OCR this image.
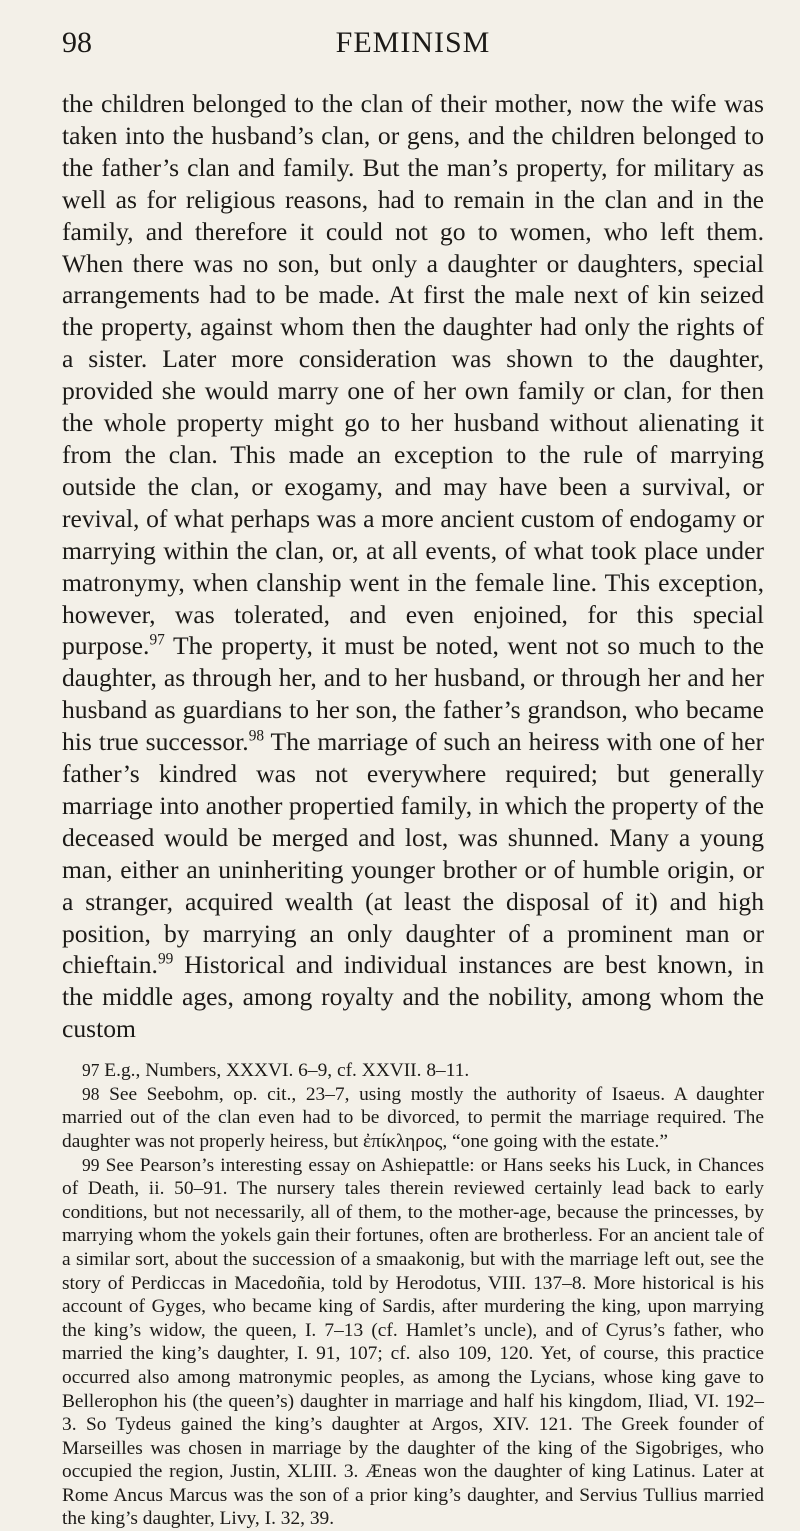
98	FEMINISM

the children belonged to the clan of their mother, now the wife was taken into the husband’s clan, or gens, and the children belonged to the father’s clan and family. But the man’s property, for military as well as for religious reasons, had to remain in the clan and in the family, and therefore it could not go to women, who left them. When there was no son, but only a daughter or daughters, special arrangements had to be made. At first the male next of kin seized the property, against whom then the daughter had only the rights of a sister. Later more consideration was shown to the daughter, provided she would marry one of her own family or clan, for then the whole property might go to her husband without alienating it from the clan. This made an exception to the rule of marrying outside the clan, or exogamy, and may have been a survival, or revival, of what perhaps was a more ancient custom of endogamy or marrying within the clan, or, at all events, of what took place under matronymy, when clanship went in the female line. This exception, however, was tolerated, and even enjoined, for this special purpose.$^{97}$ The property, it must be noted, went not so much to the daughter, as through her, and to her husband, or through her and her husband as guardians to her son, the father’s grandson, who became his true successor.$^{98}$ The marriage of such an heiress with one of her father’s kindred was not everywhere required; but generally marriage into another propertied family, in which the property of the deceased would be merged and lost, was shunned. Many a young man, either an uninheriting younger brother or of humble origin, or a stranger, acquired wealth (at least the disposal of it) and high position, by marrying an only daughter of a prominent man or chieftain.$^{99}$ Historical and individual instances are best known, in the middle ages, among royalty and the nobility, among whom the custom

97 E.g., Numbers, XXXVI. 6–9, cf. XXVII. 8–11.

98 See Seebohm, op. cit., 23–7, using mostly the authority of Isaeus. A daughter married out of the clan even had to be divorced, to permit the marriage required. The daughter was not properly heiress, but ἐπίκληρος, “one going with the estate.”

99 See Pearson’s interesting essay on Ashiepattle: or Hans seeks his Luck, in Chances of Death, ii. 50–91. The nursery tales therein reviewed certainly lead back to early conditions, but not necessarily, all of them, to the mother-age, because the princesses, by marrying whom the yokels gain their fortunes, often are brotherless. For an ancient tale of a similar sort, about the succession of a smaakonig, but with the marriage left out, see the story of Perdiccas in Macedoñia, told by Herodotus, VIII. 137–8. More historical is his account of Gyges, who became king of Sardis, after murdering the king, upon marrying the king’s widow, the queen, I. 7–13 (cf. Hamlet’s uncle), and of Cyrus’s father, who married the king’s daughter, I. 91, 107; cf. also 109, 120. Yet, of course, this practice occurred also among matronymic peoples, as among the Lycians, whose king gave to Bellerophon his (the queen’s) daughter in marriage and half his kingdom, Iliad, VI. 192–3. So Tydeus gained the king’s daughter at Argos, XIV. 121. The Greek founder of Marseilles was chosen in marriage by the daughter of the king of the Sigobriges, who occupied the region, Justin, XLIII. 3. Æneas won the daughter of king Latinus. Later at Rome Ancus Marcus was the son of a prior king’s daughter, and Servius Tullius married the king’s daughter, Livy, I. 32, 39.
